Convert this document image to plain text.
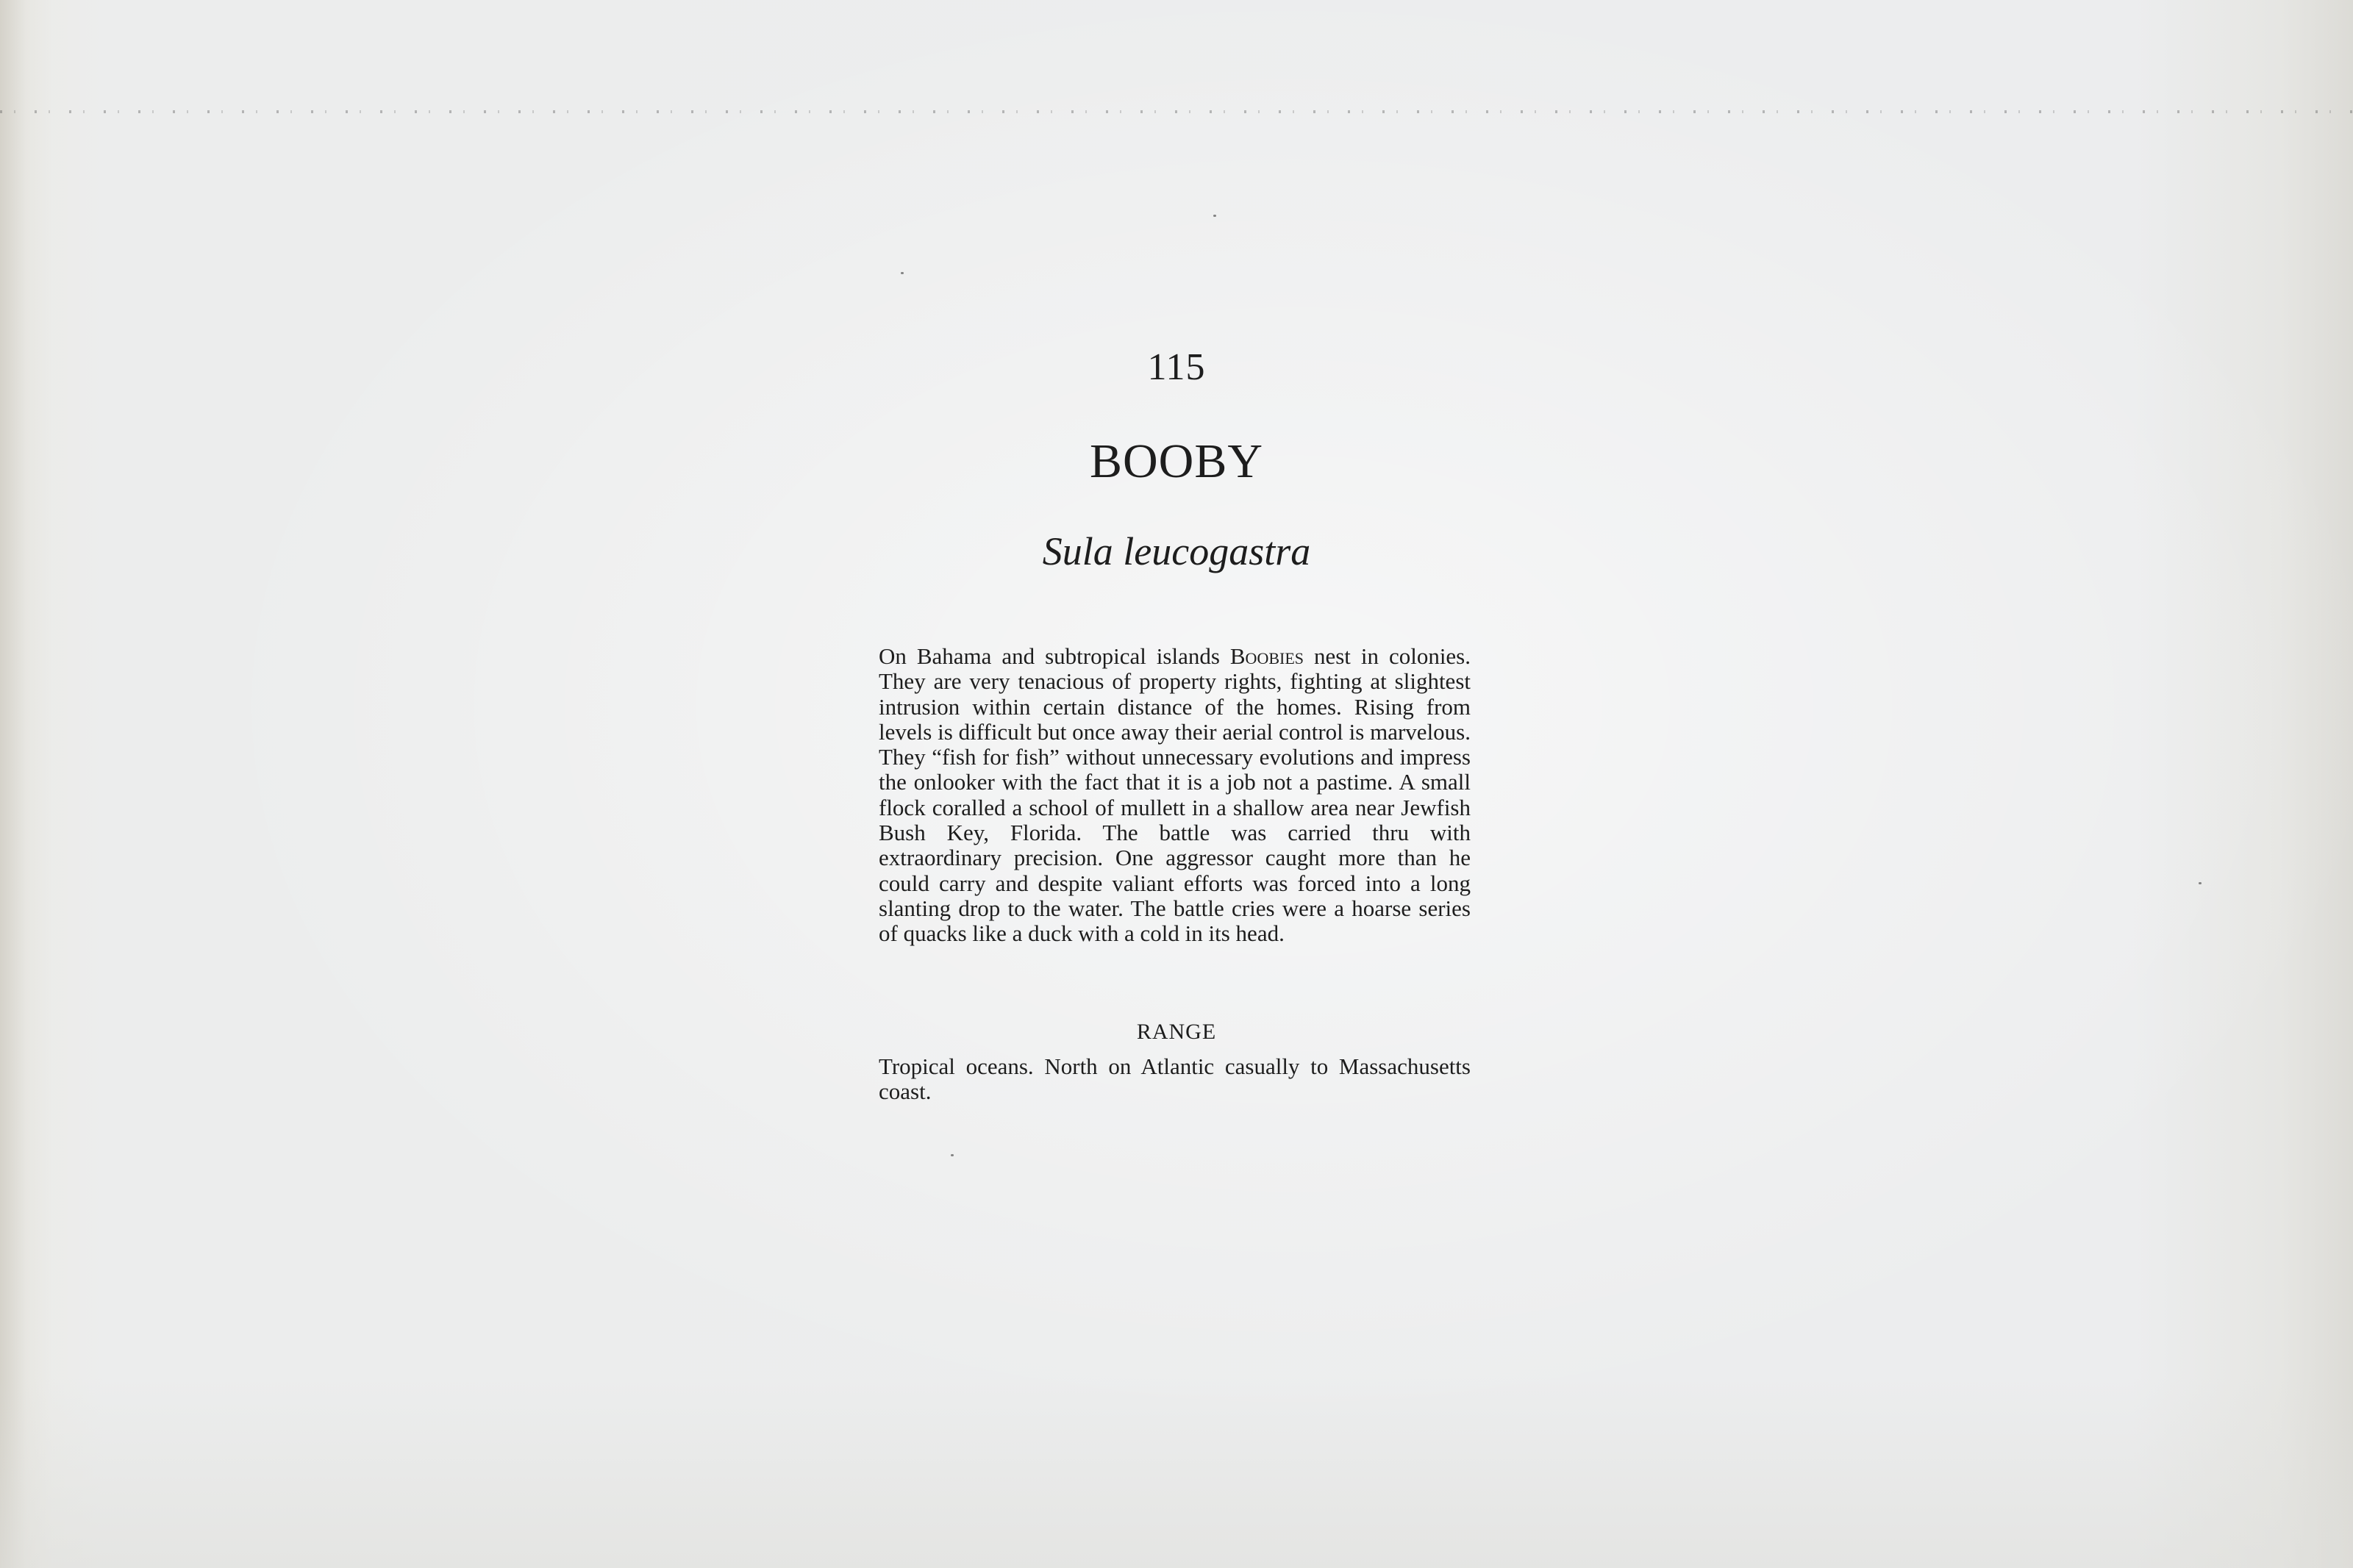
115
BOOBY
Sula leucogastra

On Bahama and subtropical islands Boobies nest in colonies. They are very tenacious of property rights, fighting at slightest intrusion within certain distance of the homes. Rising from levels is difficult but once away their aerial control is marvelous. They “fish for fish” without unnecessary evolutions and impress the onlooker with the fact that it is a job not a pastime. A small flock coralled a school of mullett in a shallow area near Jewfish Bush Key, Florida. The battle was carried thru with extraordinary precision. One aggressor caught more than he could carry and despite valiant efforts was forced into a long slanting drop to the water. The battle cries were a hoarse series of quacks like a duck with a cold in its head.

RANGE

Tropical oceans. North on Atlantic casually to Massachusetts coast.
